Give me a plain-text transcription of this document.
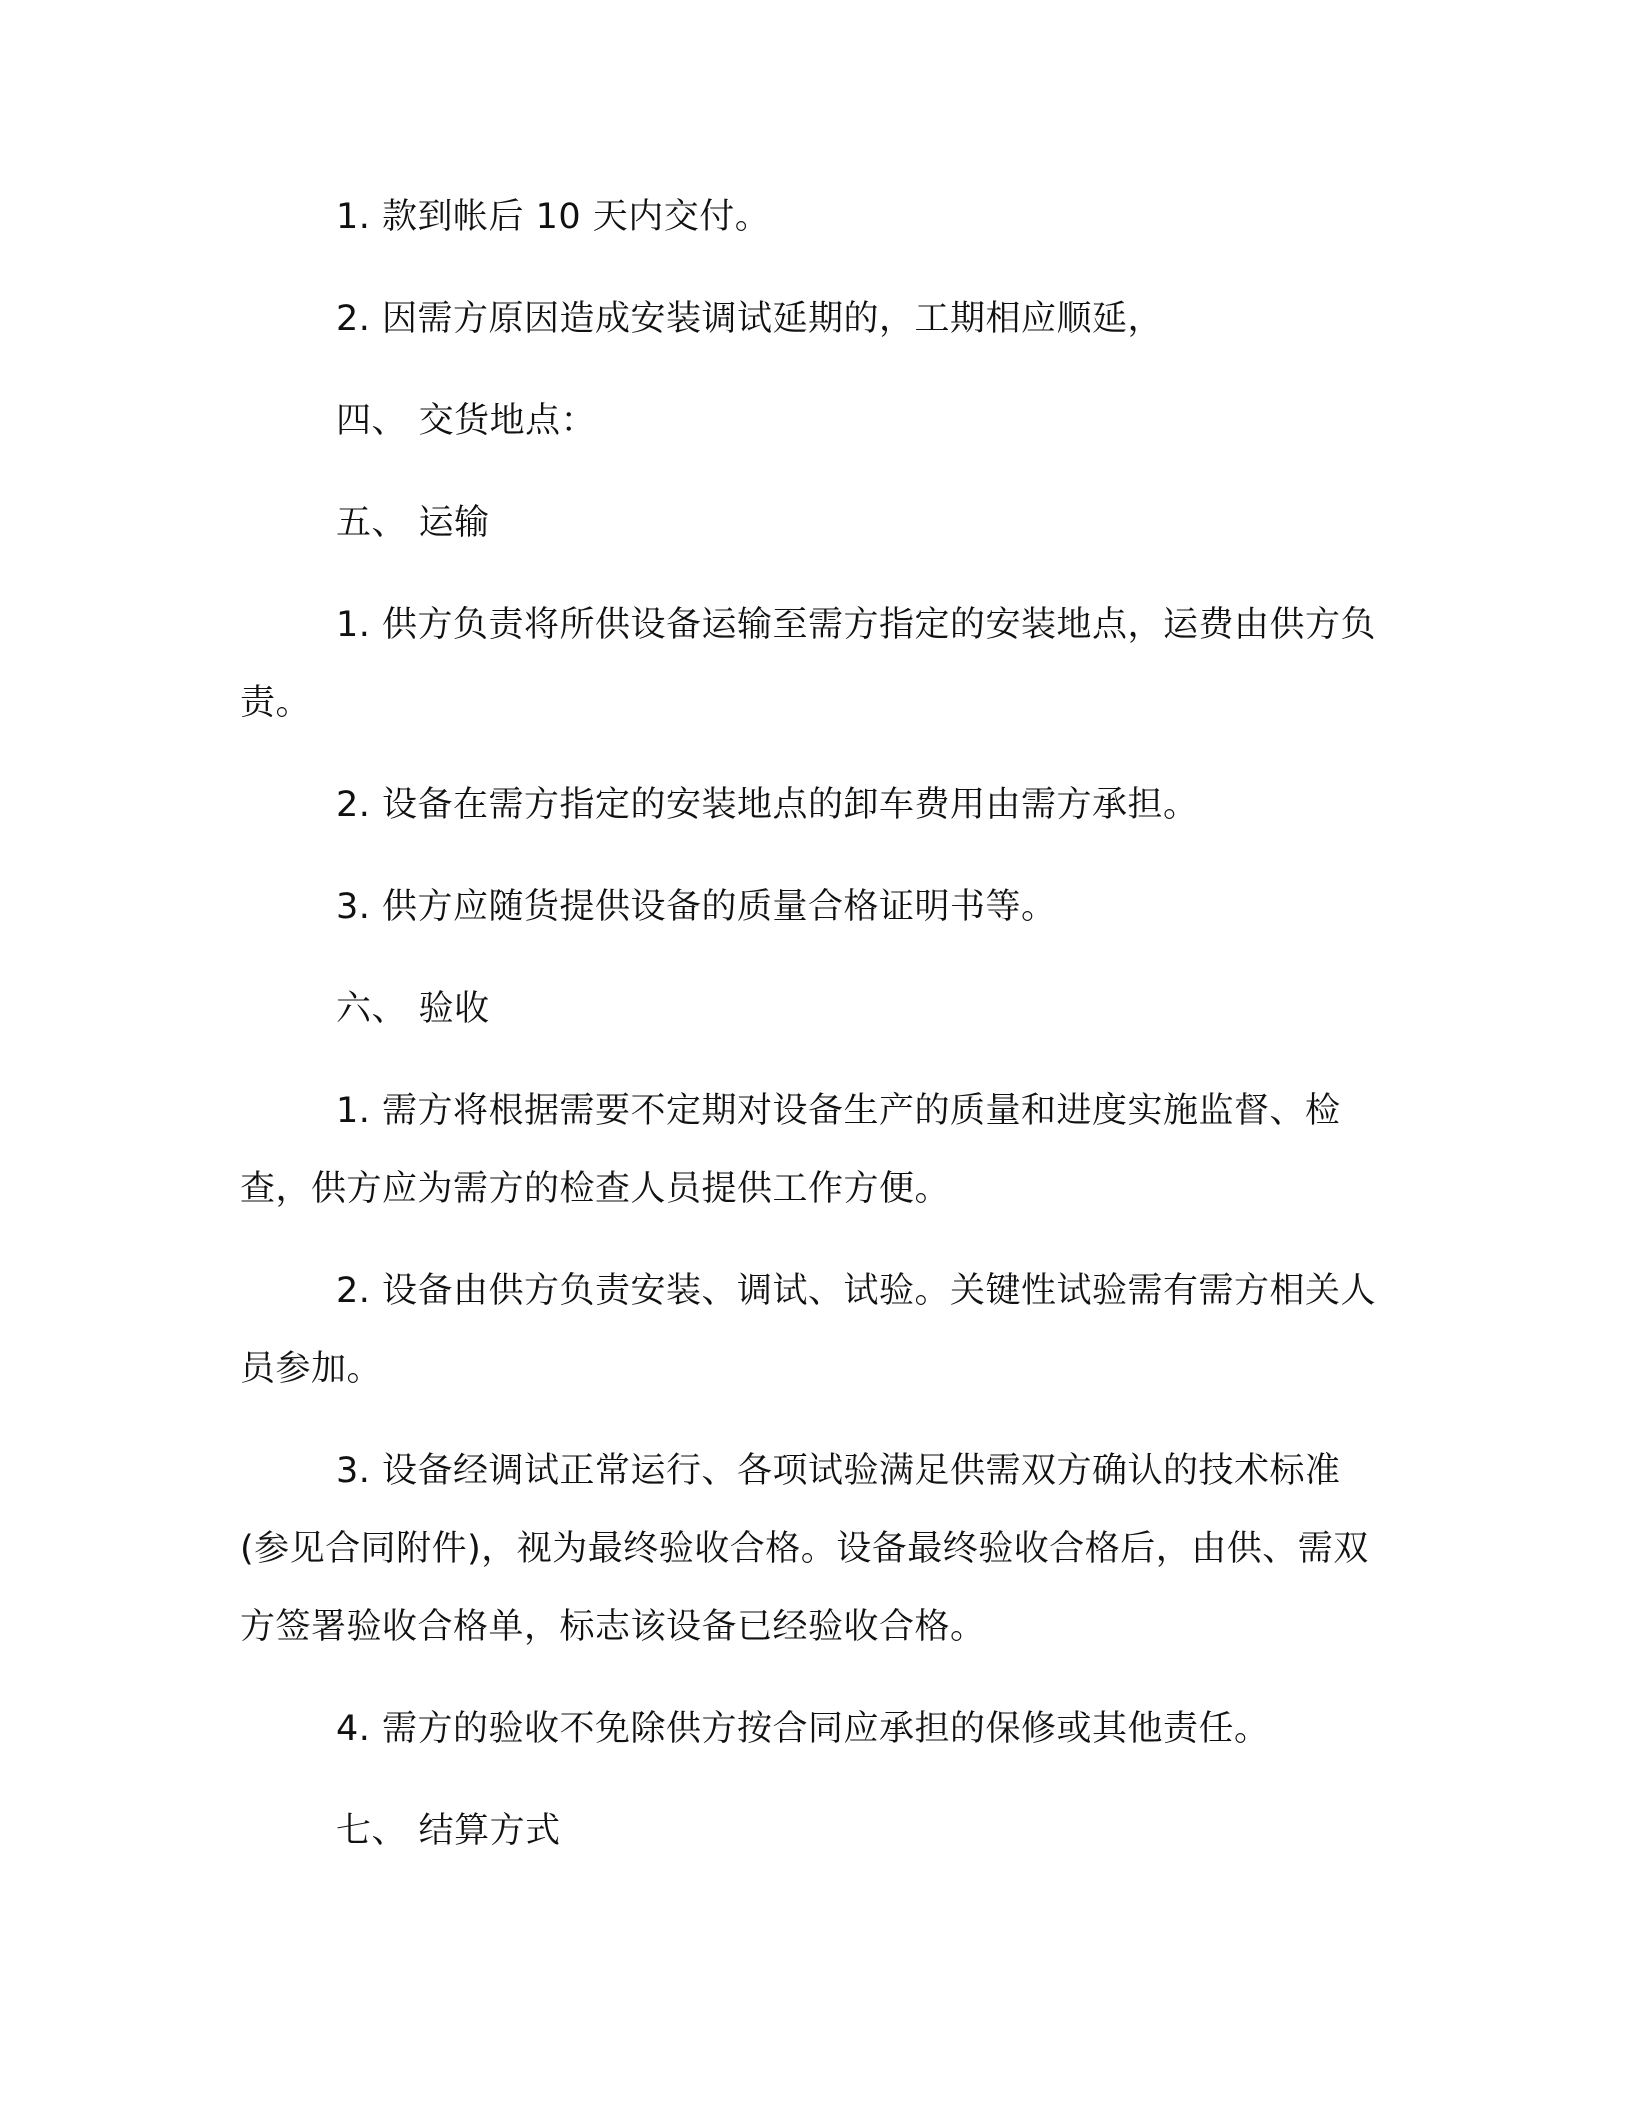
1. 款到帐后 10 天内交付。

2. 因需方原因造成安装调试延期的，工期相应顺延，

四、 交货地点：

五、 运输

1. 供方负责将所供设备运输至需方指定的安装地点，运费由供方负责。

2. 设备在需方指定的安装地点的卸车费用由需方承担。

3. 供方应随货提供设备的质量合格证明书等。

六、 验收

1. 需方将根据需要不定期对设备生产的质量和进度实施监督、检查，供方应为需方的检查人员提供工作方便。

2. 设备由供方负责安装、调试、试验。关键性试验需有需方相关人员参加。

3. 设备经调试正常运行、各项试验满足供需双方确认的技术标准(参见合同附件)，视为最终验收合格。设备最终验收合格后，由供、需双方签署验收合格单，标志该设备已经验收合格。

4. 需方的验收不免除供方按合同应承担的保修或其他责任。

七、 结算方式
